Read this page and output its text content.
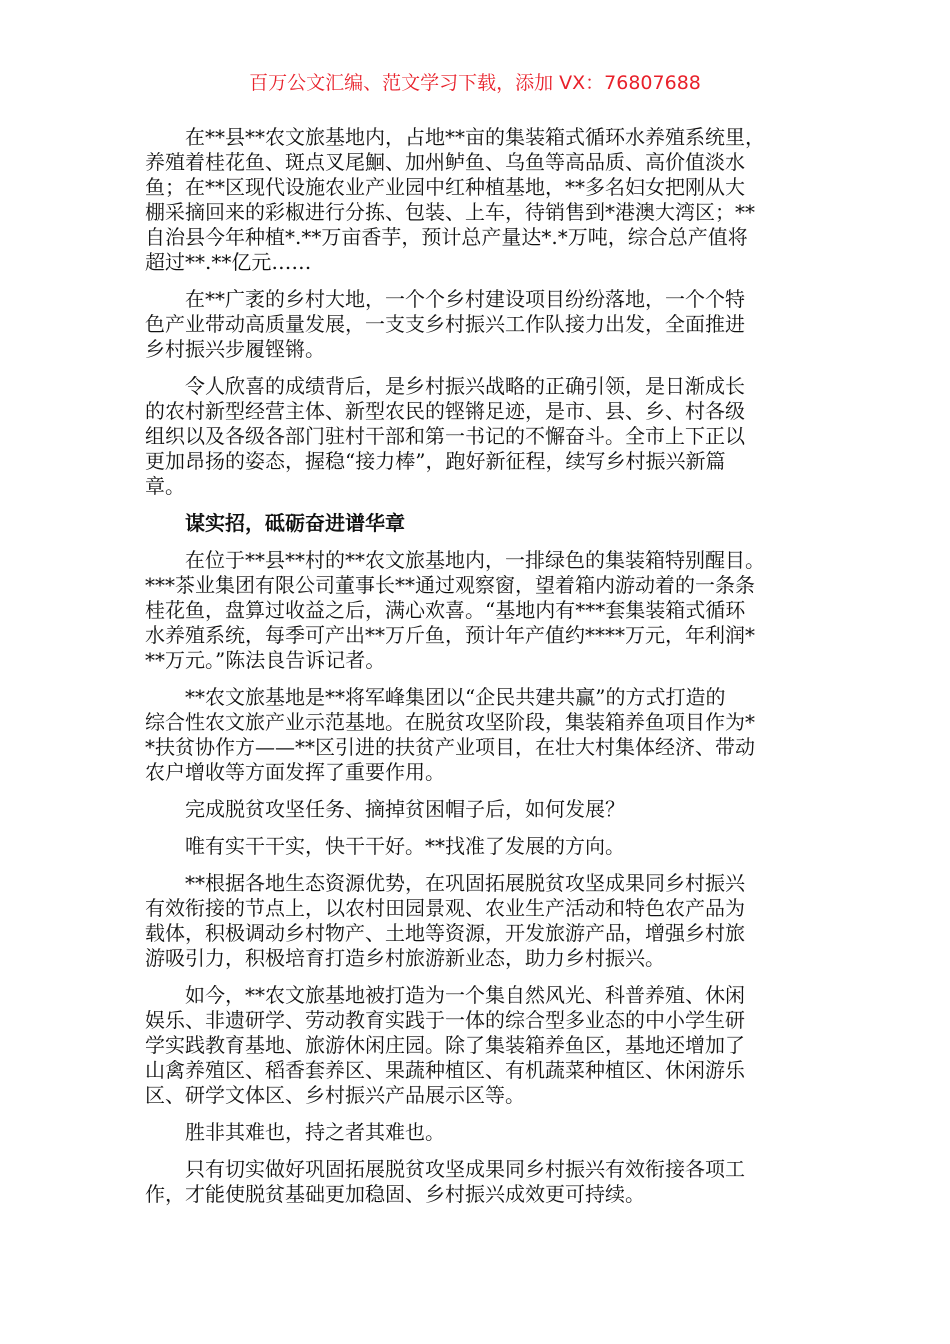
百万公文汇编、范文学习下载，添加 VX：76807688
　　在**县**农文旅基地内，占地**亩的集装箱式循环水养殖系统里，
养殖着桂花鱼、斑点叉尾鮰、加州鲈鱼、乌鱼等高品质、高价值淡水
鱼；在**区现代设施农业产业园中红种植基地，**多名妇女把刚从大
棚采摘回来的彩椒进行分拣、包装、上车，待销售到*港澳大湾区；**
自治县今年种植*.**万亩香芋，预计总产量达*.*万吨，综合总产值将
超过**.**亿元……
　　在**广袤的乡村大地，一个个乡村建设项目纷纷落地，一个个特
色产业带动高质量发展，一支支乡村振兴工作队接力出发，全面推进
乡村振兴步履铿锵。
　　令人欣喜的成绩背后，是乡村振兴战略的正确引领，是日渐成长
的农村新型经营主体、新型农民的铿锵足迹，是市、县、乡、村各级
组织以及各级各部门驻村干部和第一书记的不懈奋斗。全市上下正以
更加昂扬的姿态，握稳“接力棒”，跑好新征程，续写乡村振兴新篇
章。
　　谋实招，砥砺奋进谱华章
　　在位于**县**村的**农文旅基地内，一排绿色的集装箱特别醒目。
***茶业集团有限公司董事长**通过观察窗，望着箱内游动着的一条条
桂花鱼，盘算过收益之后，满心欢喜。“基地内有***套集装箱式循环
水养殖系统，每季可产出**万斤鱼，预计年产值约****万元，年利润*
**万元。”陈法良告诉记者。
　　**农文旅基地是**将军峰集团以“企民共建共赢”的方式打造的
综合性农文旅产业示范基地。在脱贫攻坚阶段，集装箱养鱼项目作为*
*扶贫协作方——**区引进的扶贫产业项目，在壮大村集体经济、带动
农户增收等方面发挥了重要作用。
　　完成脱贫攻坚任务、摘掉贫困帽子后，如何发展？
　　唯有实干干实，快干干好。**找准了发展的方向。
　　**根据各地生态资源优势，在巩固拓展脱贫攻坚成果同乡村振兴
有效衔接的节点上，以农村田园景观、农业生产活动和特色农产品为
载体，积极调动乡村物产、土地等资源，开发旅游产品，增强乡村旅
游吸引力，积极培育打造乡村旅游新业态，助力乡村振兴。
　　如今，**农文旅基地被打造为一个集自然风光、科普养殖、休闲
娱乐、非遗研学、劳动教育实践于一体的综合型多业态的中小学生研
学实践教育基地、旅游休闲庄园。除了集装箱养鱼区，基地还增加了
山禽养殖区、稻香套养区、果蔬种植区、有机蔬菜种植区、休闲游乐
区、研学文体区、乡村振兴产品展示区等。
　　胜非其难也，持之者其难也。
　　只有切实做好巩固拓展脱贫攻坚成果同乡村振兴有效衔接各项工
作，才能使脱贫基础更加稳固、乡村振兴成效更可持续。
